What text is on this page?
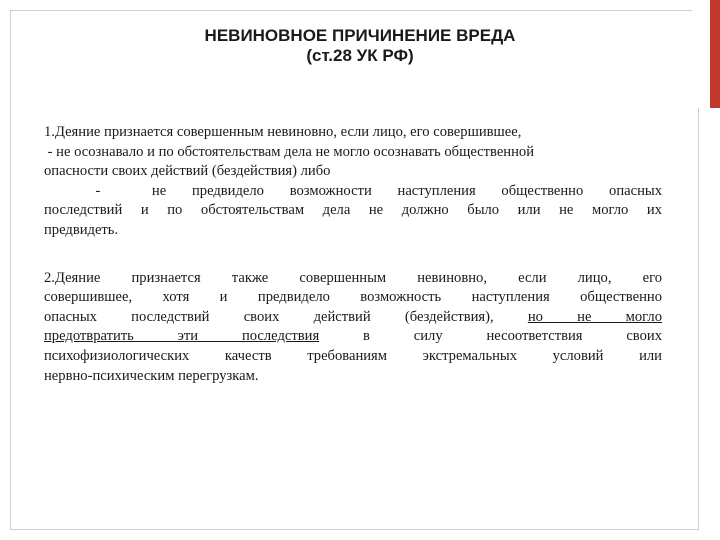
НЕВИНОВНОЕ ПРИЧИНЕНИЕ ВРЕДА
(ст.28 УК РФ)
1.Деяние признается совершенным невиновно, если лицо, его совершившее,
- не осознавало и по обстоятельствам дела не могло осознавать общественной
опасности своих действий (бездействия) либо
-  не предвидело возможности наступления общественно опасных
последствий и по обстоятельствам дела не должно было или не могло их
предвидеть.
2.Деяние признается также совершенным невиновно, если лицо, его
совершившее, хотя и предвидело возможность наступления общественно
опасных последствий своих действий (бездействия), но не могло
предотвратить эти последствия в силу несоответствия своих
психофизиологических качеств требованиям экстремальных условий или
нервно-психическим перегрузкам.
